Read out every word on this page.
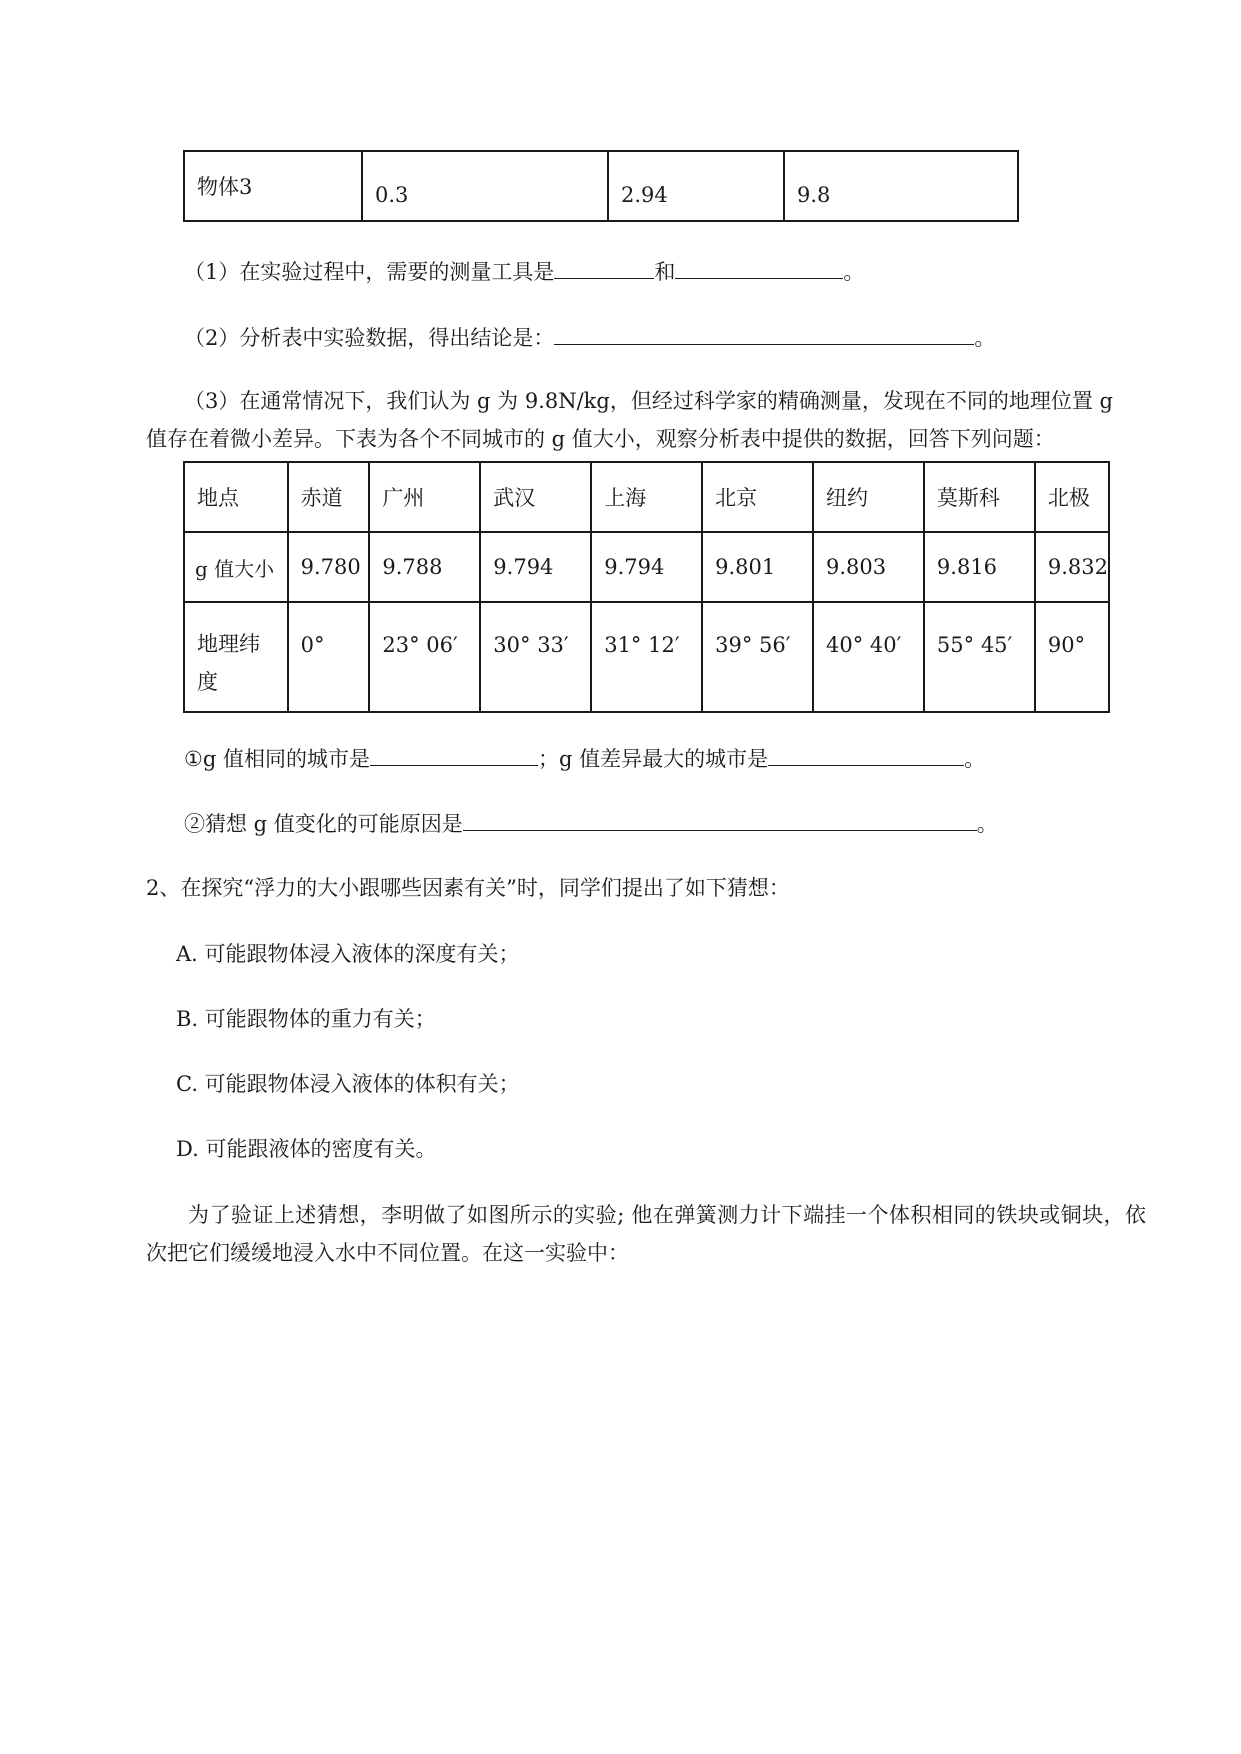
物体3	0.3	2.94	9.8
（1）在实验过程中，需要的测量工具是	和	。
（2）分析表中实验数据，得出结论是：	。
（3）在通常情况下，我们认为 g 为 9.8N/kg，但经过科学家的精确测量，发现在不同的地理位置 g
值存在着微小差异。下表为各个不同城市的 g 值大小，观察分析表中提供的数据，回答下列问题：
地点	赤道	广州	武汉	上海	北京	纽约	莫斯科	北极
g 值大小	9.780	9.788	9.794	9.794	9.801	9.803	9.816	9.832
地理纬度	0°	23° 06′	30° 33′	31° 12′	39° 56′	40° 40′	55° 45′	90°
①g 值相同的城市是	；g 值差异最大的城市是	。
②猜想 g 值变化的可能原因是	。
2、在探究“浮力的大小跟哪些因素有关”时，同学们提出了如下猜想：
A. 可能跟物体浸入液体的深度有关；
B. 可能跟物体的重力有关；
C. 可能跟物体浸入液体的体积有关；
D. 可能跟液体的密度有关。
为了验证上述猜想，李明做了如图所示的实验; 他在弹簧测力计下端挂一个体积相同的铁块或铜块，依次把它们缓缓地浸入水中不同位置。在这一实验中：
